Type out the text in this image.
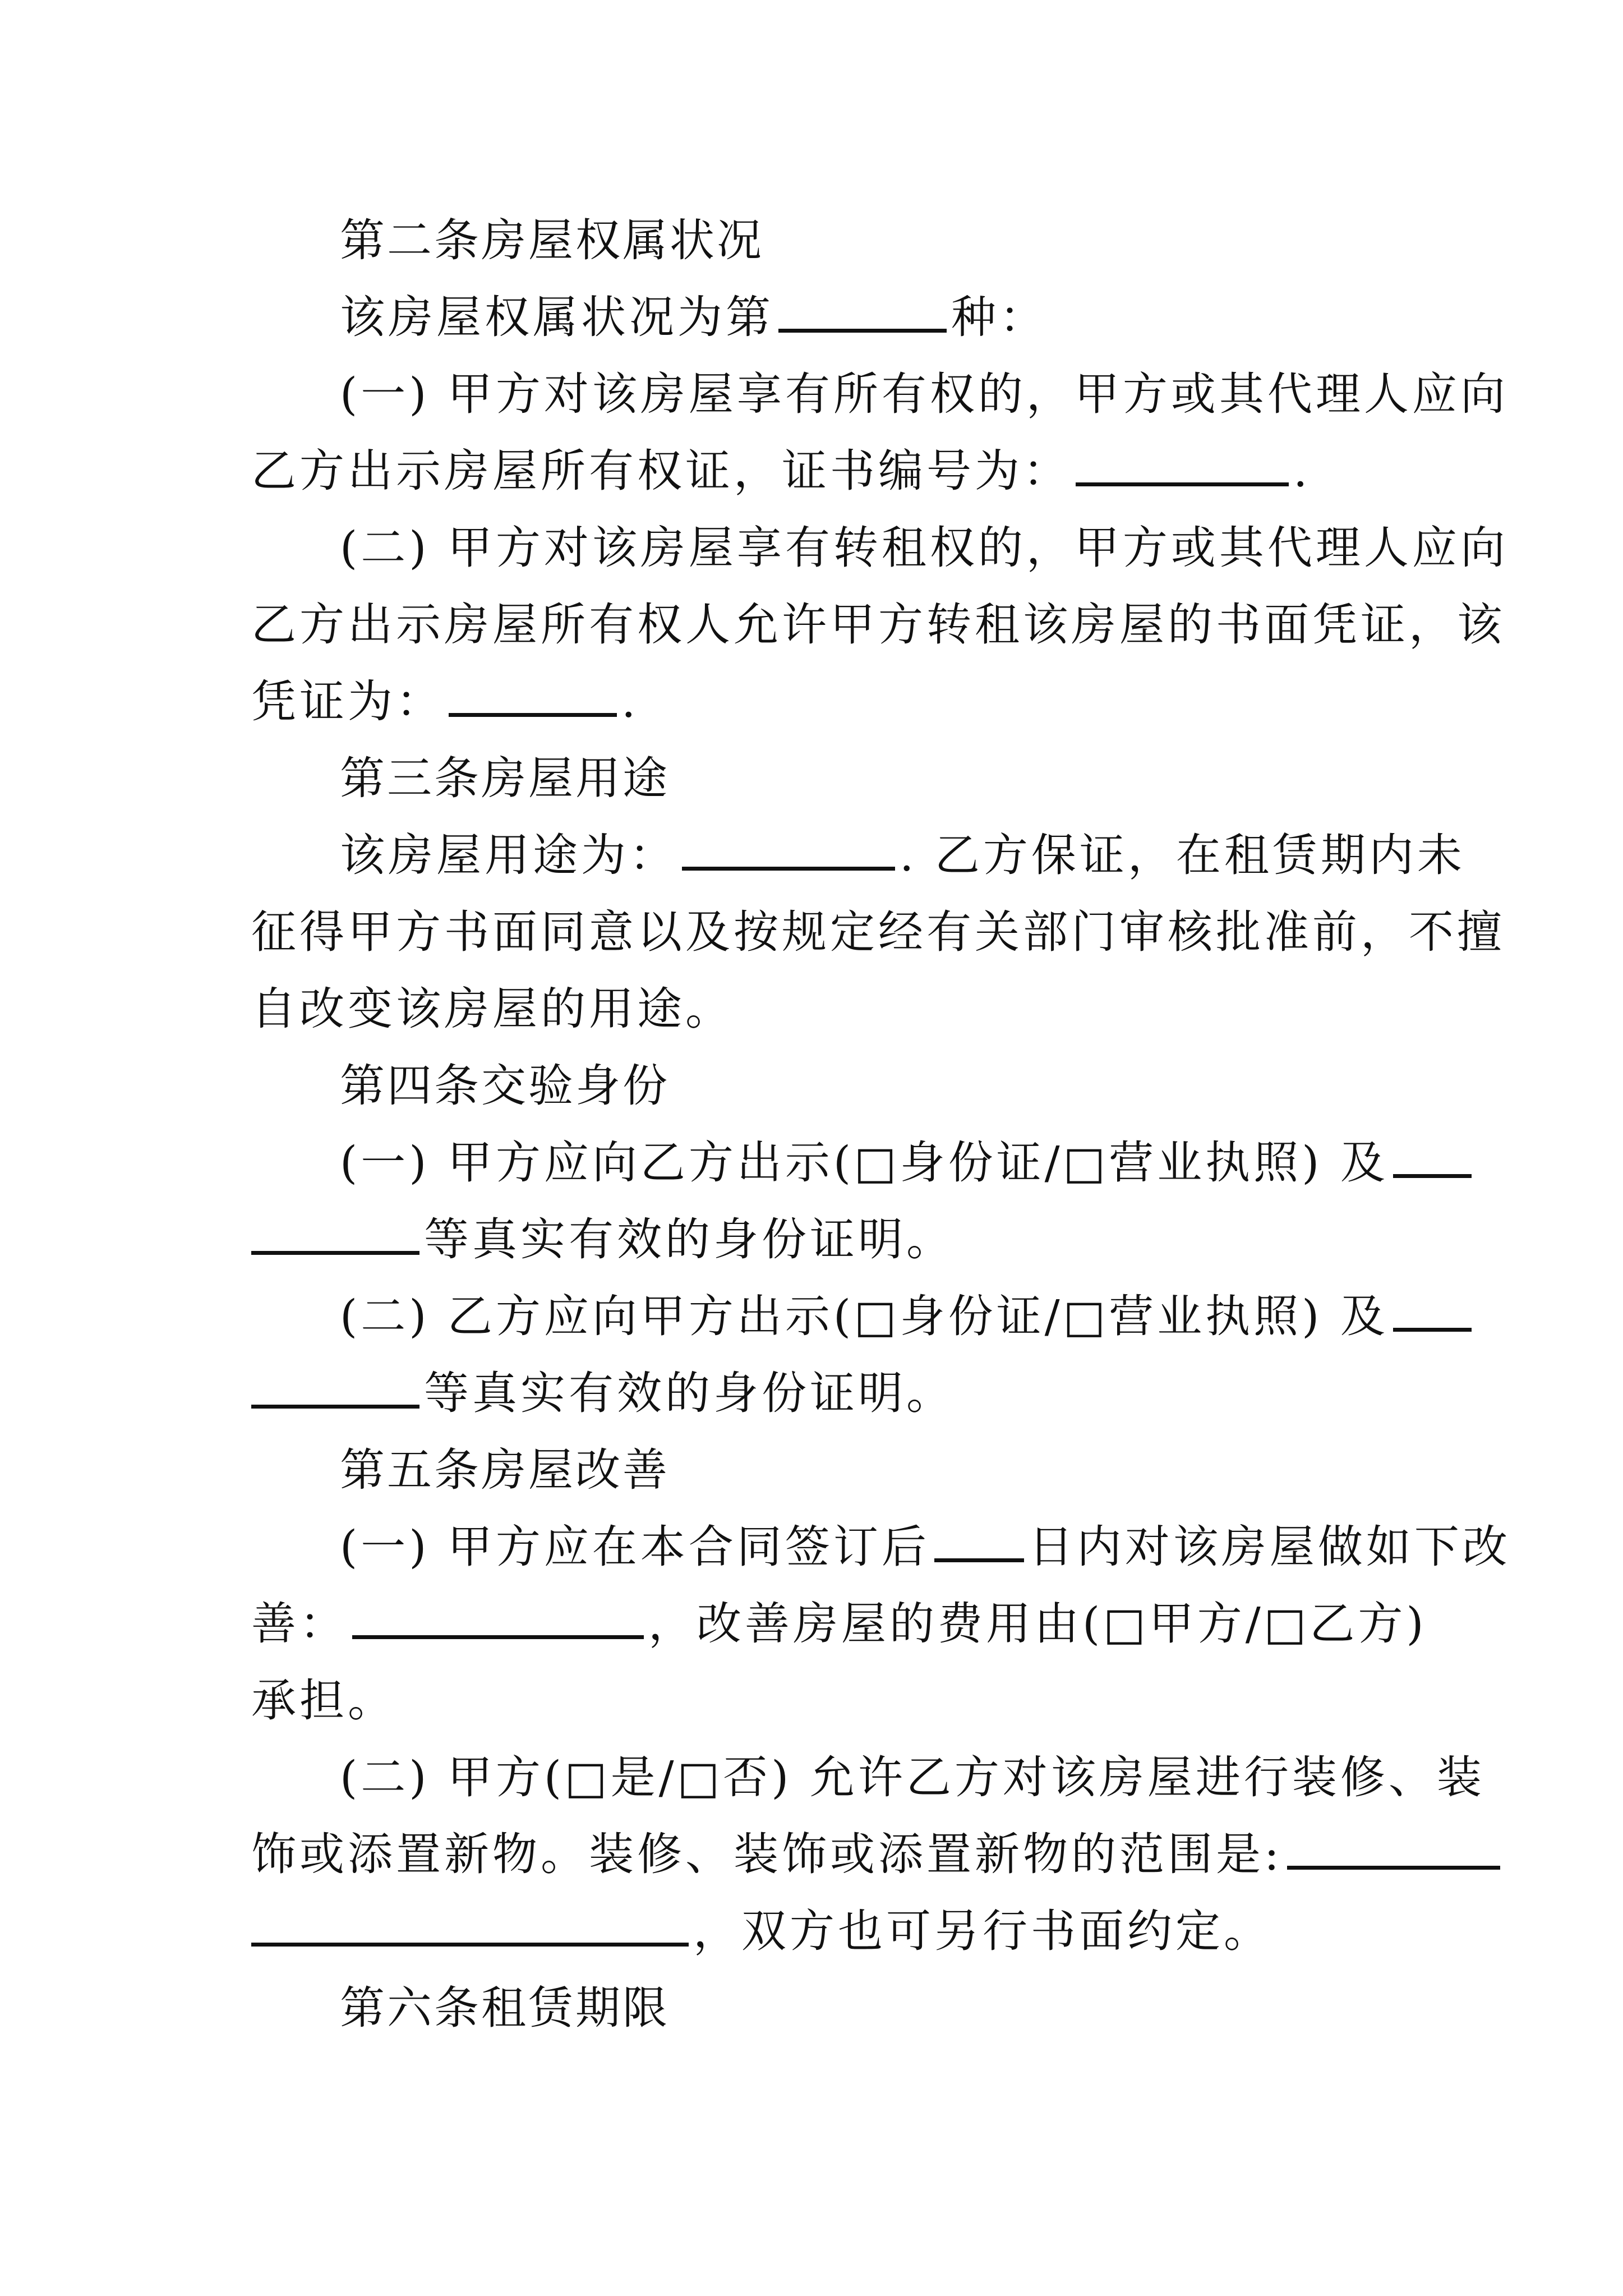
第二条房屋权属状况
该房屋权属状况为第	种：
(一) 甲方对该房屋享有所有权的，甲方或其代理人应向
乙方出示房屋所有权证，证书编号为：	.
(二) 甲方对该房屋享有转租权的，甲方或其代理人应向
乙方出示房屋所有权人允许甲方转租该房屋的书面凭证，该
凭证为：	.
第三条房屋用途
该房屋用途为：	. 乙方保证，在租赁期内未
征得甲方书面同意以及按规定经有关部门审核批准前，不擅
自改变该房屋的用途。
第四条交验身份
(一) 甲方应向乙方出示(□身份证/□营业执照) 及
等真实有效的身份证明。
(二) 乙方应向甲方出示(□身份证/□营业执照) 及
等真实有效的身份证明。
第五条房屋改善
(一) 甲方应在本合同签订后 日内对该房屋做如下改
善：	，改善房屋的费用由(□甲方/□乙方)
承担。
(二) 甲方(□是/□否) 允许乙方对该房屋进行装修、装
饰或添置新物。装修、装饰或添置新物的范围是:
，双方也可另行书面约定。
第六条租赁期限
